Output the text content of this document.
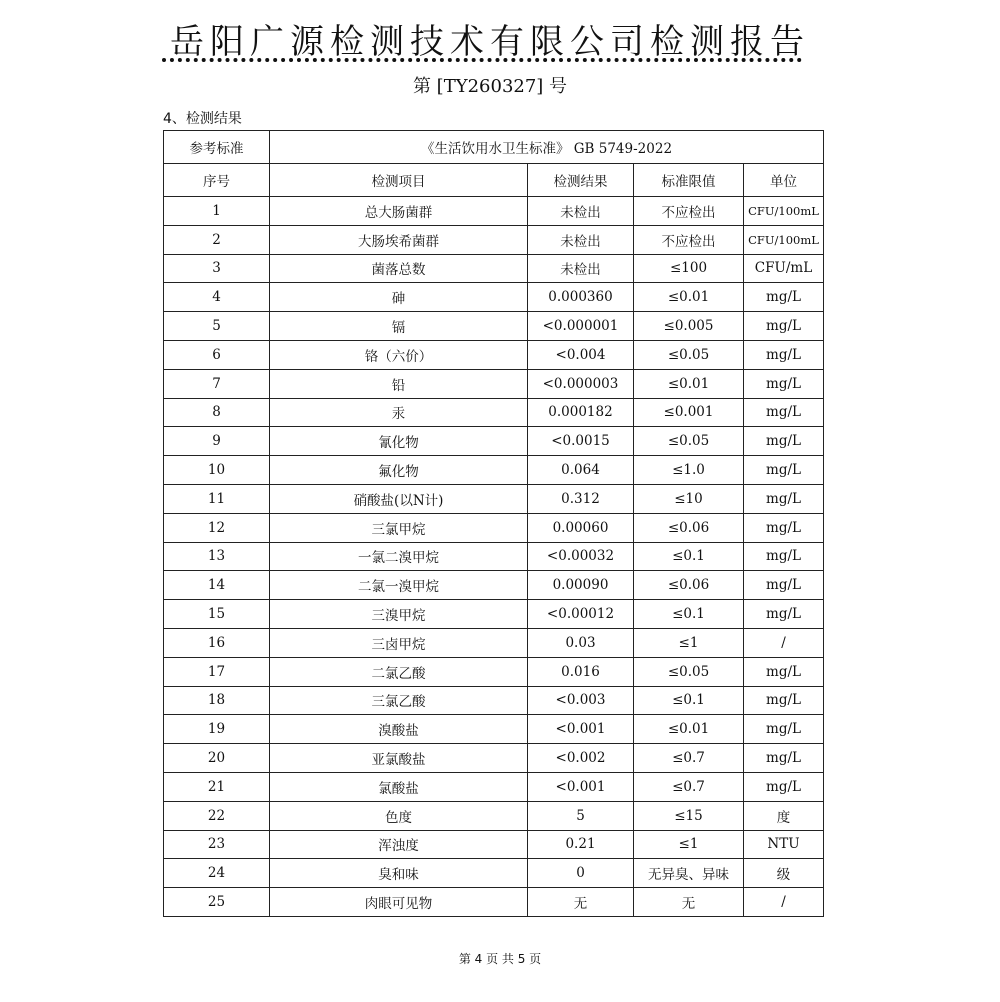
岳阳广源检测技术有限公司检测报告
第 [TY260327] 号
4、检测结果
参考标准	《生活饮用水卫生标准》 GB 5749-2022			
序号	检测项目	检测结果	标准限值	单位
1	总大肠菌群	未检出	不应检出	CFU/100mL
2	大肠埃希菌群	未检出	不应检出	CFU/100mL
3	菌落总数	未检出	≤100	CFU/mL
4	砷	0.000360	≤0.01	mg/L
5	镉	<0.000001	≤0.005	mg/L
6	铬（六价）	<0.004	≤0.05	mg/L
7	铅	<0.000003	≤0.01	mg/L
8	汞	0.000182	≤0.001	mg/L
9	氰化物	<0.0015	≤0.05	mg/L
10	氟化物	0.064	≤1.0	mg/L
11	硝酸盐(以N计)	0.312	≤10	mg/L
12	三氯甲烷	0.00060	≤0.06	mg/L
13	一氯二溴甲烷	<0.00032	≤0.1	mg/L
14	二氯一溴甲烷	0.00090	≤0.06	mg/L
15	三溴甲烷	<0.00012	≤0.1	mg/L
16	三卤甲烷	0.03	≤1	/
17	二氯乙酸	0.016	≤0.05	mg/L
18	三氯乙酸	<0.003	≤0.1	mg/L
19	溴酸盐	<0.001	≤0.01	mg/L
20	亚氯酸盐	<0.002	≤0.7	mg/L
21	氯酸盐	<0.001	≤0.7	mg/L
22	色度	5	≤15	度
23	浑浊度	0.21	≤1	NTU
24	臭和味	0	无异臭、异味	级
25	肉眼可见物	无	无	/
第 4 页 共 5 页
